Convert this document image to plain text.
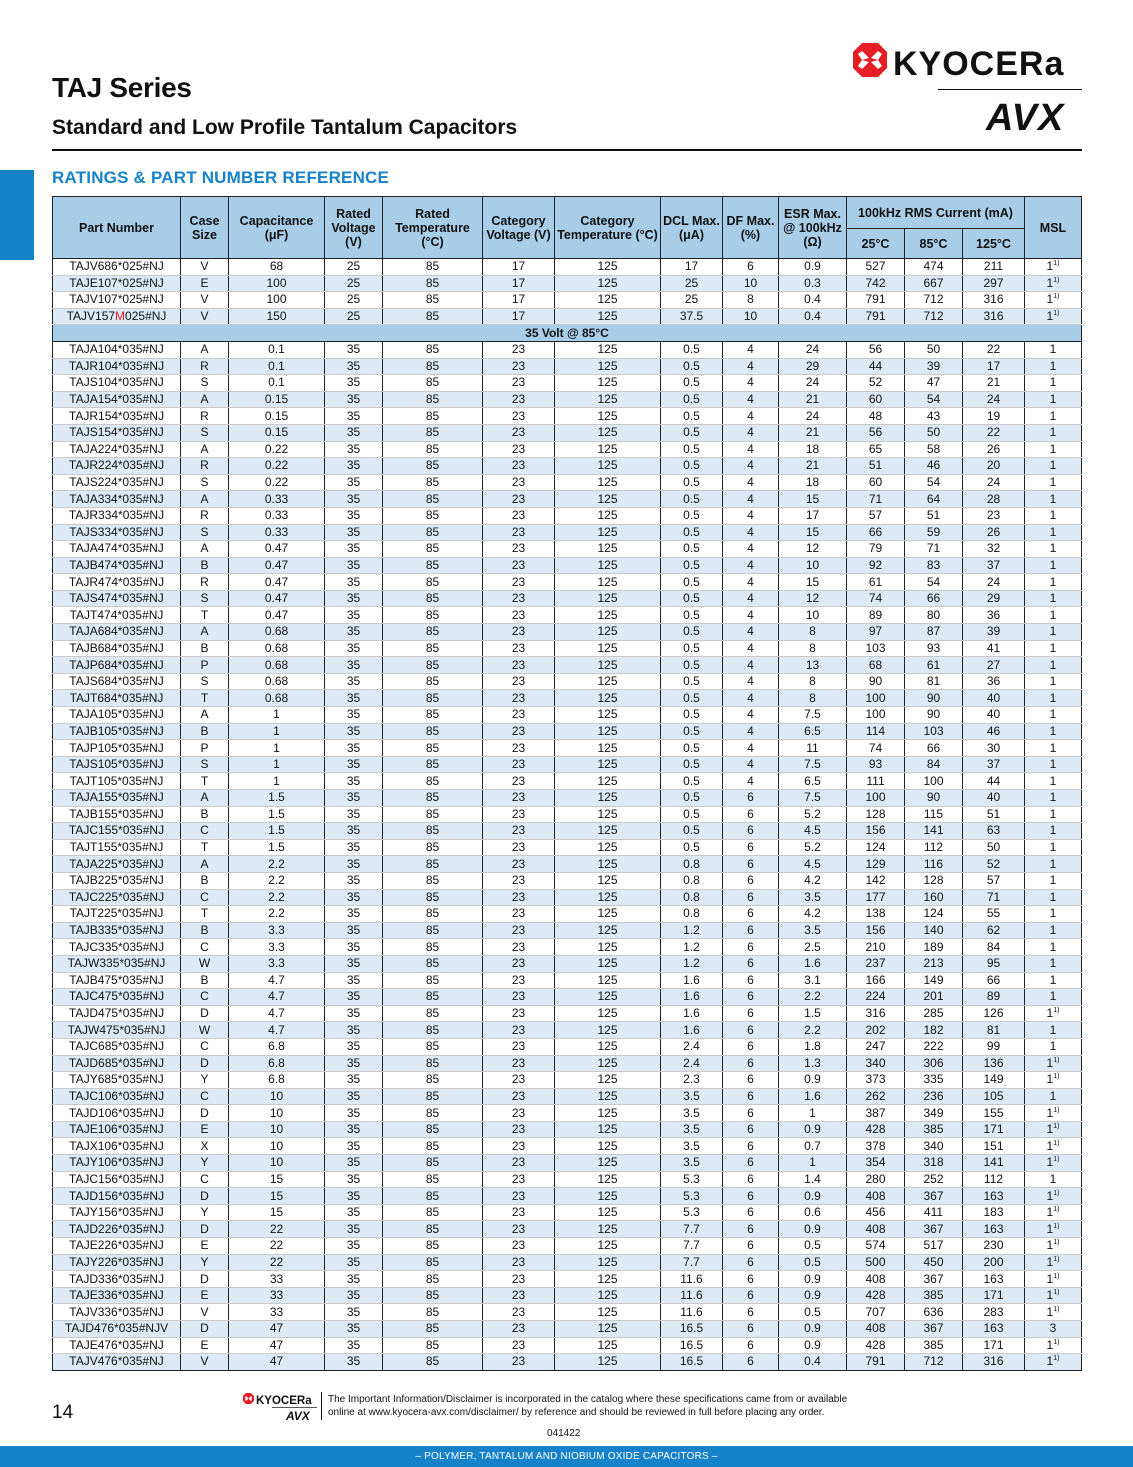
TAJ Series
Standard and Low Profile Tantalum Capacitors
KYOCERa
AVX
RATINGS & PART NUMBER REFERENCE
Part Number	Case Size	Capacitance (μF)	Rated Voltage (V)	Rated Temperature (°C)	Category Voltage (V)	Category Temperature (°C)	DCL Max. (μA)	DF Max. (%)	ESR Max. @ 100kHz (Ω)	100kHz RMS Current (mA)			MSL
										25°C	85°C	125°C	
TAJV686*025#NJ	V	68	25	85	17	125	17	6	0.9	527	474	211	1$^{1)}$
TAJE107*025#NJ	E	100	25	85	17	125	25	10	0.3	742	667	297	1$^{1)}$
TAJV107*025#NJ	V	100	25	85	17	125	25	8	0.4	791	712	316	1$^{1)}$
TAJV157M025#NJ	V	150	25	85	17	125	37.5	10	0.4	791	712	316	1$^{1)}$
35 Volt @ 85°C													
TAJA104*035#NJ	A	0.1	35	85	23	125	0.5	4	24	56	50	22	1
TAJR104*035#NJ	R	0.1	35	85	23	125	0.5	4	29	44	39	17	1
TAJS104*035#NJ	S	0.1	35	85	23	125	0.5	4	24	52	47	21	1
TAJA154*035#NJ	A	0.15	35	85	23	125	0.5	4	21	60	54	24	1
TAJR154*035#NJ	R	0.15	35	85	23	125	0.5	4	24	48	43	19	1
TAJS154*035#NJ	S	0.15	35	85	23	125	0.5	4	21	56	50	22	1
TAJA224*035#NJ	A	0.22	35	85	23	125	0.5	4	18	65	58	26	1
TAJR224*035#NJ	R	0.22	35	85	23	125	0.5	4	21	51	46	20	1
TAJS224*035#NJ	S	0.22	35	85	23	125	0.5	4	18	60	54	24	1
TAJA334*035#NJ	A	0.33	35	85	23	125	0.5	4	15	71	64	28	1
TAJR334*035#NJ	R	0.33	35	85	23	125	0.5	4	17	57	51	23	1
TAJS334*035#NJ	S	0.33	35	85	23	125	0.5	4	15	66	59	26	1
TAJA474*035#NJ	A	0.47	35	85	23	125	0.5	4	12	79	71	32	1
TAJB474*035#NJ	B	0.47	35	85	23	125	0.5	4	10	92	83	37	1
TAJR474*035#NJ	R	0.47	35	85	23	125	0.5	4	15	61	54	24	1
TAJS474*035#NJ	S	0.47	35	85	23	125	0.5	4	12	74	66	29	1
TAJT474*035#NJ	T	0.47	35	85	23	125	0.5	4	10	89	80	36	1
TAJA684*035#NJ	A	0.68	35	85	23	125	0.5	4	8	97	87	39	1
TAJB684*035#NJ	B	0.68	35	85	23	125	0.5	4	8	103	93	41	1
TAJP684*035#NJ	P	0.68	35	85	23	125	0.5	4	13	68	61	27	1
TAJS684*035#NJ	S	0.68	35	85	23	125	0.5	4	8	90	81	36	1
TAJT684*035#NJ	T	0.68	35	85	23	125	0.5	4	8	100	90	40	1
TAJA105*035#NJ	A	1	35	85	23	125	0.5	4	7.5	100	90	40	1
TAJB105*035#NJ	B	1	35	85	23	125	0.5	4	6.5	114	103	46	1
TAJP105*035#NJ	P	1	35	85	23	125	0.5	4	11	74	66	30	1
TAJS105*035#NJ	S	1	35	85	23	125	0.5	4	7.5	93	84	37	1
TAJT105*035#NJ	T	1	35	85	23	125	0.5	4	6.5	111	100	44	1
TAJA155*035#NJ	A	1.5	35	85	23	125	0.5	6	7.5	100	90	40	1
TAJB155*035#NJ	B	1.5	35	85	23	125	0.5	6	5.2	128	115	51	1
TAJC155*035#NJ	C	1.5	35	85	23	125	0.5	6	4.5	156	141	63	1
TAJT155*035#NJ	T	1.5	35	85	23	125	0.5	6	5.2	124	112	50	1
TAJA225*035#NJ	A	2.2	35	85	23	125	0.8	6	4.5	129	116	52	1
TAJB225*035#NJ	B	2.2	35	85	23	125	0.8	6	4.2	142	128	57	1
TAJC225*035#NJ	C	2.2	35	85	23	125	0.8	6	3.5	177	160	71	1
TAJT225*035#NJ	T	2.2	35	85	23	125	0.8	6	4.2	138	124	55	1
TAJB335*035#NJ	B	3.3	35	85	23	125	1.2	6	3.5	156	140	62	1
TAJC335*035#NJ	C	3.3	35	85	23	125	1.2	6	2.5	210	189	84	1
TAJW335*035#NJ	W	3.3	35	85	23	125	1.2	6	1.6	237	213	95	1
TAJB475*035#NJ	B	4.7	35	85	23	125	1.6	6	3.1	166	149	66	1
TAJC475*035#NJ	C	4.7	35	85	23	125	1.6	6	2.2	224	201	89	1
TAJD475*035#NJ	D	4.7	35	85	23	125	1.6	6	1.5	316	285	126	1$^{1)}$
TAJW475*035#NJ	W	4.7	35	85	23	125	1.6	6	2.2	202	182	81	1
TAJC685*035#NJ	C	6.8	35	85	23	125	2.4	6	1.8	247	222	99	1
TAJD685*035#NJ	D	6.8	35	85	23	125	2.4	6	1.3	340	306	136	1$^{1)}$
TAJY685*035#NJ	Y	6.8	35	85	23	125	2.3	6	0.9	373	335	149	1$^{1)}$
TAJC106*035#NJ	C	10	35	85	23	125	3.5	6	1.6	262	236	105	1
TAJD106*035#NJ	D	10	35	85	23	125	3.5	6	1	387	349	155	1$^{1)}$
TAJE106*035#NJ	E	10	35	85	23	125	3.5	6	0.9	428	385	171	1$^{1)}$
TAJX106*035#NJ	X	10	35	85	23	125	3.5	6	0.7	378	340	151	1$^{1)}$
TAJY106*035#NJ	Y	10	35	85	23	125	3.5	6	1	354	318	141	1$^{1)}$
TAJC156*035#NJ	C	15	35	85	23	125	5.3	6	1.4	280	252	112	1
TAJD156*035#NJ	D	15	35	85	23	125	5.3	6	0.9	408	367	163	1$^{1)}$
TAJY156*035#NJ	Y	15	35	85	23	125	5.3	6	0.6	456	411	183	1$^{1)}$
TAJD226*035#NJ	D	22	35	85	23	125	7.7	6	0.9	408	367	163	1$^{1)}$
TAJE226*035#NJ	E	22	35	85	23	125	7.7	6	0.5	574	517	230	1$^{1)}$
TAJY226*035#NJ	Y	22	35	85	23	125	7.7	6	0.5	500	450	200	1$^{1)}$
TAJD336*035#NJ	D	33	35	85	23	125	11.6	6	0.9	408	367	163	1$^{1)}$
TAJE336*035#NJ	E	33	35	85	23	125	11.6	6	0.9	428	385	171	1$^{1)}$
TAJV336*035#NJ	V	33	35	85	23	125	11.6	6	0.5	707	636	283	1$^{1)}$
TAJD476*035#NJV	D	47	35	85	23	125	16.5	6	0.9	408	367	163	3
TAJE476*035#NJ	E	47	35	85	23	125	16.5	6	0.9	428	385	171	1$^{1)}$
TAJV476*035#NJ	V	47	35	85	23	125	16.5	6	0.4	791	712	316	1$^{1)}$
14
KYOCERa
AVX
The Important Information/Disclaimer is incorporated in the catalog where these specifications came from or available
online at www.kyocera-avx.com/disclaimer/ by reference and should be reviewed in full before placing any order.
041422
– POLYMER, TANTALUM AND NIOBIUM OXIDE CAPACITORS –
